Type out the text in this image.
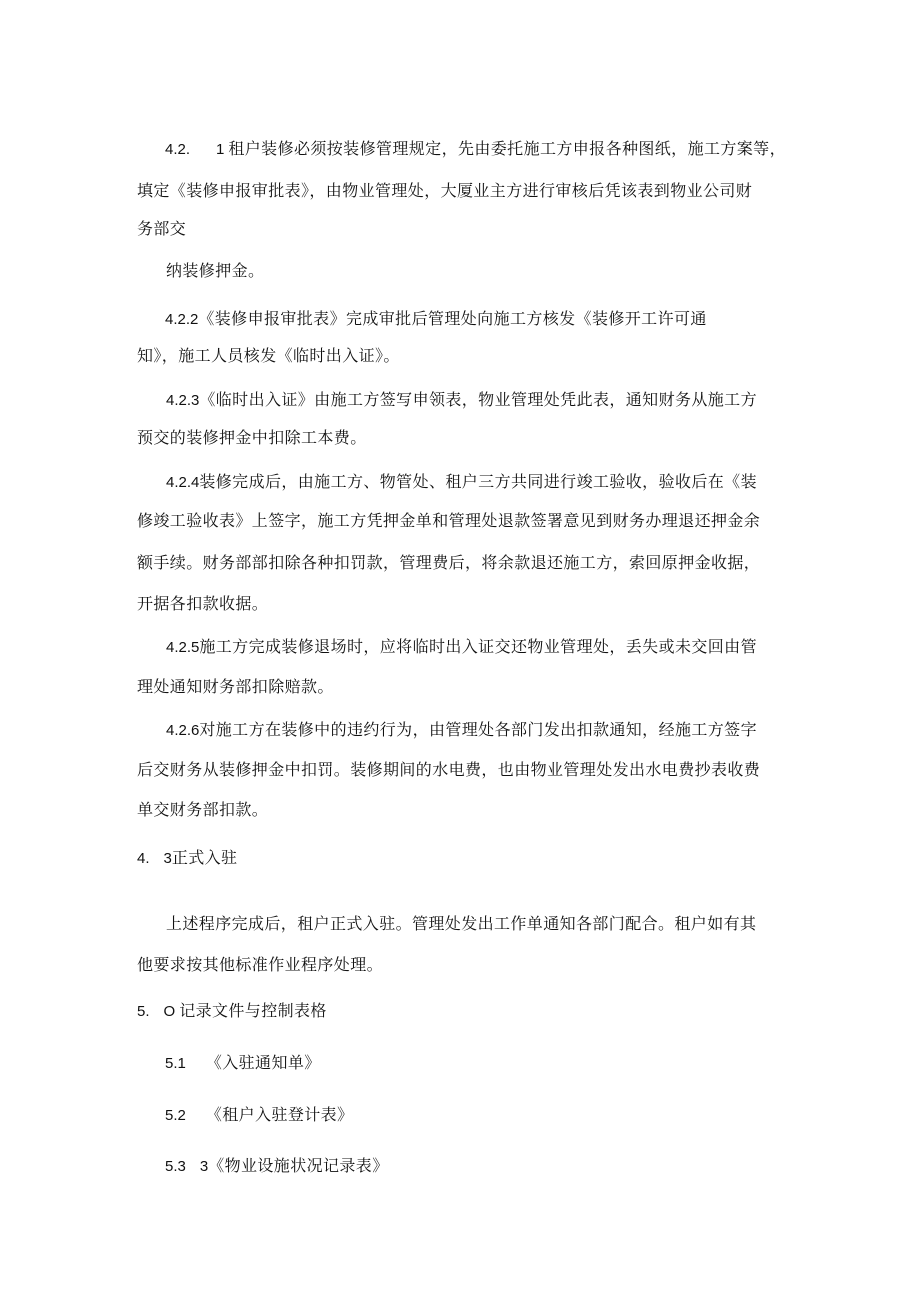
4.2. 1 租户装修必须按装修管理规定，先由委托施工方申报各种图纸，施工方案等，
填定《装修申报审批表》，由物业管理处，大厦业主方进行审核后凭该表到物业公司财
务部交
纳装修押金。
4.2.2《装修申报审批表》完成审批后管理处向施工方核发《装修开工许可通
知》，施工人员核发《临时出入证》。
4.2.3《临时出入证》由施工方签写申领表，物业管理处凭此表，通知财务从施工方
预交的装修押金中扣除工本费。
4.2.4装修完成后，由施工方、物管处、租户三方共同进行竣工验收，验收后在《装
修竣工验收表》上签字，施工方凭押金单和管理处退款签署意见到财务办理退还押金余
额手续。财务部部扣除各种扣罚款，管理费后，将余款退还施工方，索回原押金收据，
开据各扣款收据。
4.2.5施工方完成装修退场时，应将临时出入证交还物业管理处，丢失或未交回由管
理处通知财务部扣除赔款。
4.2.6对施工方在装修中的违约行为，由管理处各部门发出扣款通知，经施工方签字
后交财务从装修押金中扣罚。装修期间的水电费，也由物业管理处发出水电费抄表收费
单交财务部扣款。
4. 3正式入驻
上述程序完成后，租户正式入驻。管理处发出工作单通知各部门配合。租户如有其
他要求按其他标准作业程序处理。
5. O 记录文件与控制表格
5.1 《入驻通知单》
5.2 《租户入驻登计表》
5.3 3《物业设施状况记录表》
